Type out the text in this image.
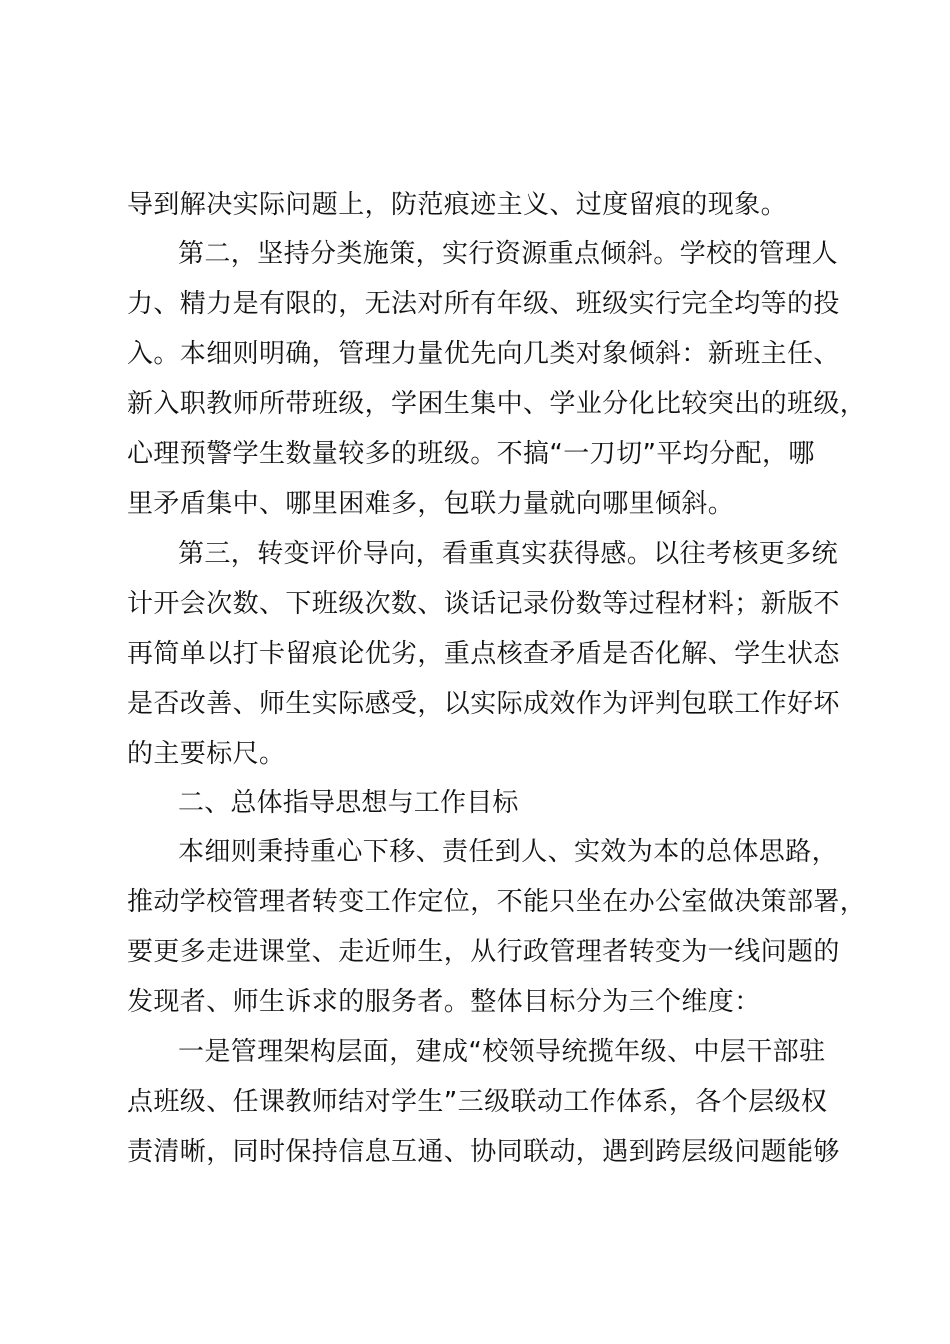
导到解决实际问题上，防范痕迹主义、过度留痕的现象。
第二，坚持分类施策，实行资源重点倾斜。学校的管理人
力、精力是有限的，无法对所有年级、班级实行完全均等的投
入。本细则明确，管理力量优先向几类对象倾斜：新班主任、
新入职教师所带班级，学困生集中、学业分化比较突出的班级，
心理预警学生数量较多的班级。不搞“一刀切”平均分配，哪
里矛盾集中、哪里困难多，包联力量就向哪里倾斜。
第三，转变评价导向，看重真实获得感。以往考核更多统
计开会次数、下班级次数、谈话记录份数等过程材料；新版不
再简单以打卡留痕论优劣，重点核查矛盾是否化解、学生状态
是否改善、师生实际感受，以实际成效作为评判包联工作好坏
的主要标尺。
二、总体指导思想与工作目标
本细则秉持重心下移、责任到人、实效为本的总体思路，
推动学校管理者转变工作定位，不能只坐在办公室做决策部署，
要更多走进课堂、走近师生，从行政管理者转变为一线问题的
发现者、师生诉求的服务者。整体目标分为三个维度：
一是管理架构层面，建成“校领导统揽年级、中层干部驻
点班级、任课教师结对学生”三级联动工作体系，各个层级权
责清晰，同时保持信息互通、协同联动，遇到跨层级问题能够
